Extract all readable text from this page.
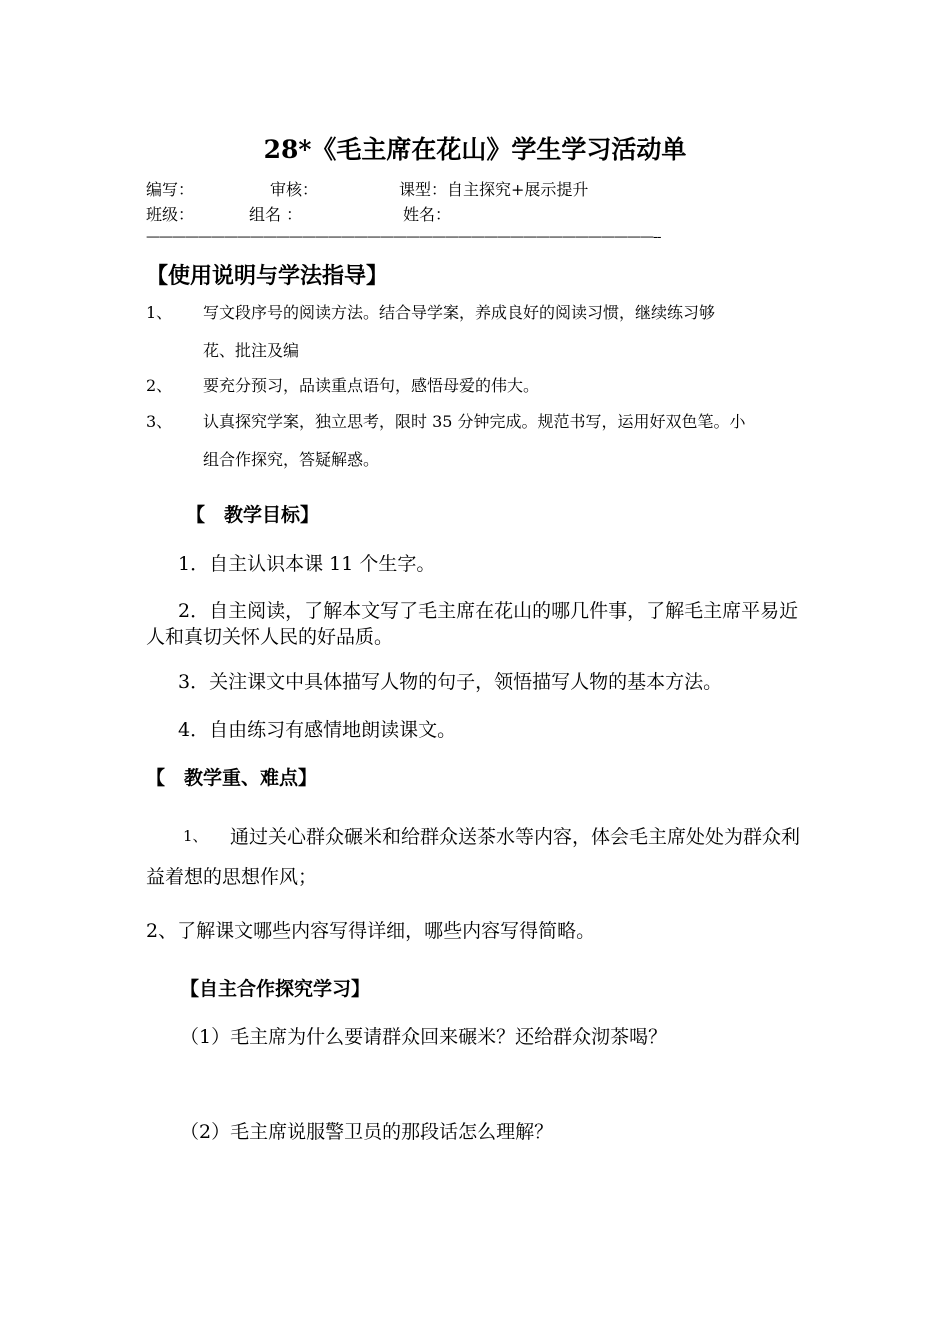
28*《毛主席在花山》学生学习活动单
编写：	审核：	课型：自主探究+展示提升
班级：	组名 ：	姓名：
———————————————————————————————————————--
【使用说明与学法指导】
1、 写文段序号的阅读方法。结合导学案，养成良好的阅读习惯，继续练习够
花、批注及编
2、 要充分预习，品读重点语句，感悟母爱的伟大。
3、 认真探究学案，独立思考，限时 35 分钟完成。规范书写，运用好双色笔。小
组合作探究，答疑解惑。
【　教学目标】
1．自主认识本课 11 个生字。
2．自主阅读，了解本文写了毛主席在花山的哪几件事，了解毛主席平易近人和真切关怀人民的好品质。
3．关注课文中具体描写人物的句子，领悟描写人物的基本方法。
4．自由练习有感情地朗读课文。
【　教学重、难点】
1、	通过关心群众碾米和给群众送茶水等内容，体会毛主席处处为群众利益着想的思想作风；
2、了解课文哪些内容写得详细，哪些内容写得简略。
【自主合作探究学习】
（1）毛主席为什么要请群众回来碾米？还给群众沏茶喝？
（2）毛主席说服警卫员的那段话怎么理解？
